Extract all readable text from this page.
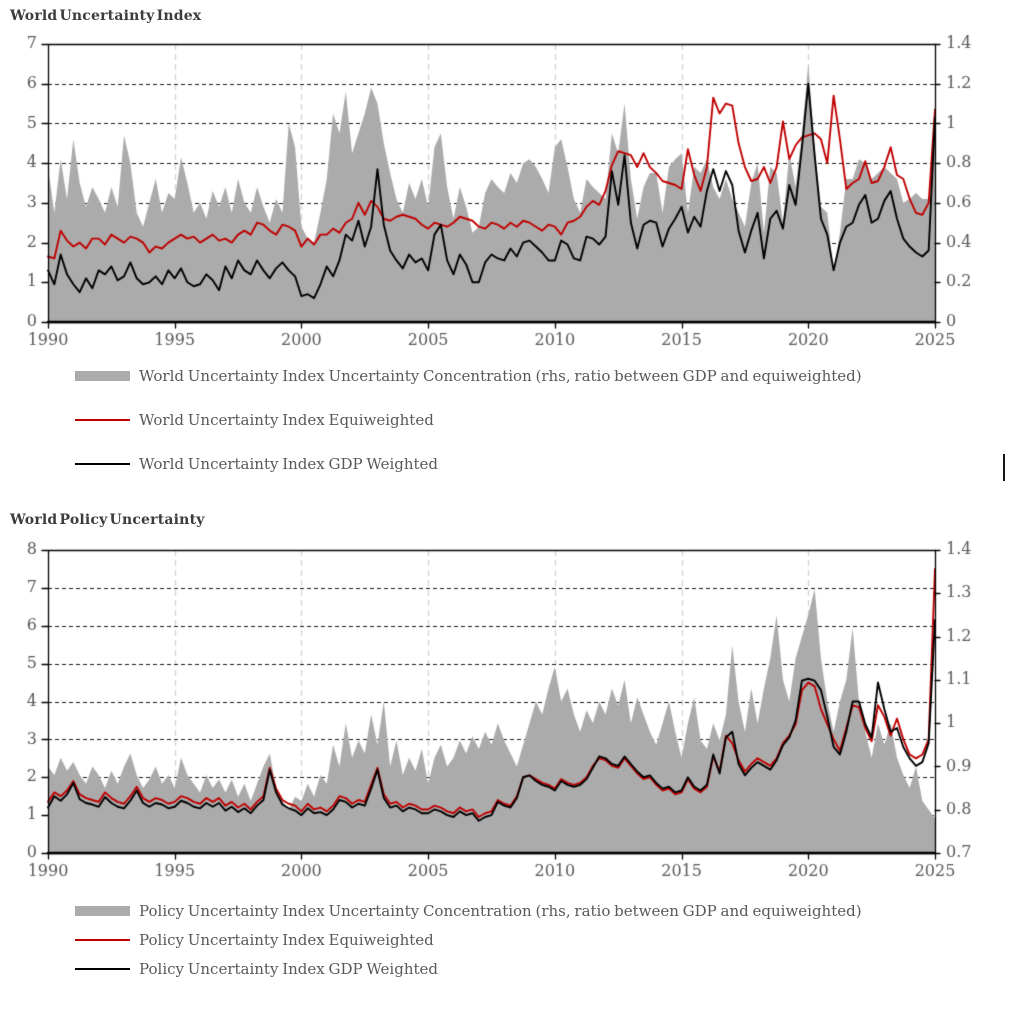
World Uncertainty Index
World Uncertainty Index Uncertainty Concentration (rhs, ratio between GDP and equiweighted)
World Uncertainty Index Equiweighted
World Uncertainty Index GDP Weighted
World Policy Uncertainty
Policy Uncertainty Index Uncertainty Concentration (rhs, ratio between GDP and equiweighted)
Policy Uncertainty Index Equiweighted
Policy Uncertainty Index GDP Weighted
